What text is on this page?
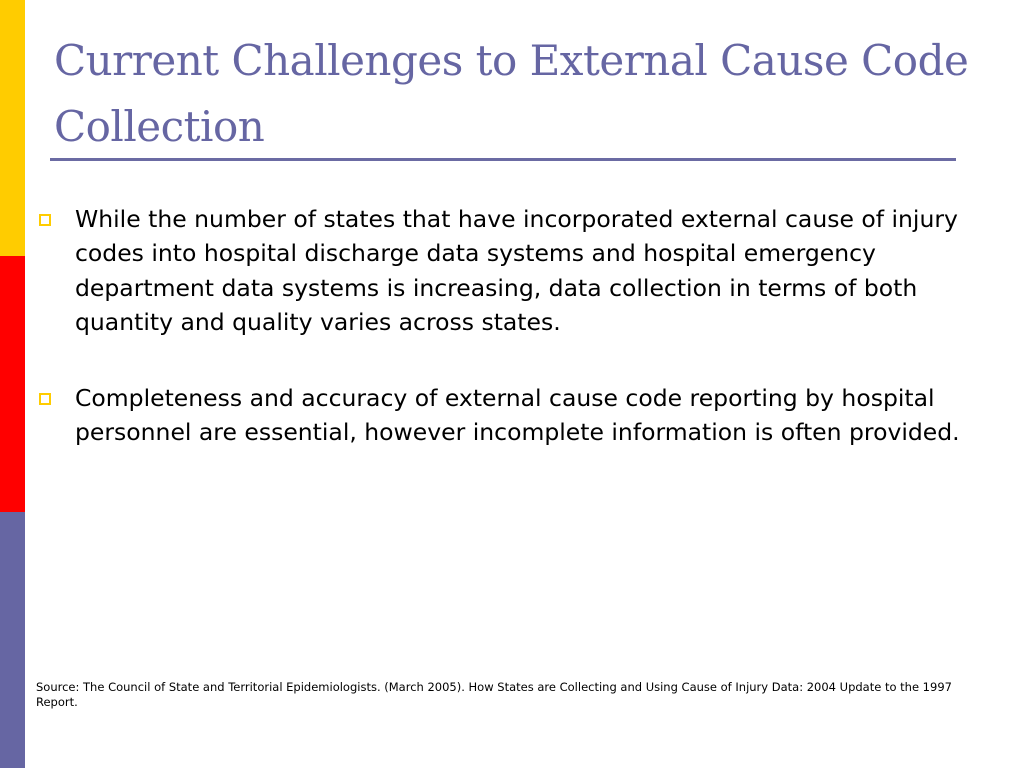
Current Challenges to External Cause Code Collection
While the number of states that have incorporated external cause of injury codes into hospital discharge data systems and hospital emergency department data systems is increasing, data collection in terms of both quantity and quality varies across states.
Completeness and accuracy of external cause code reporting by hospital personnel are essential, however incomplete information is often provided.

Source: The Council of State and Territorial Epidemiologists. (March 2005). How States are Collecting and Using Cause of Injury Data: 2004 Update to the 1997 Report.
